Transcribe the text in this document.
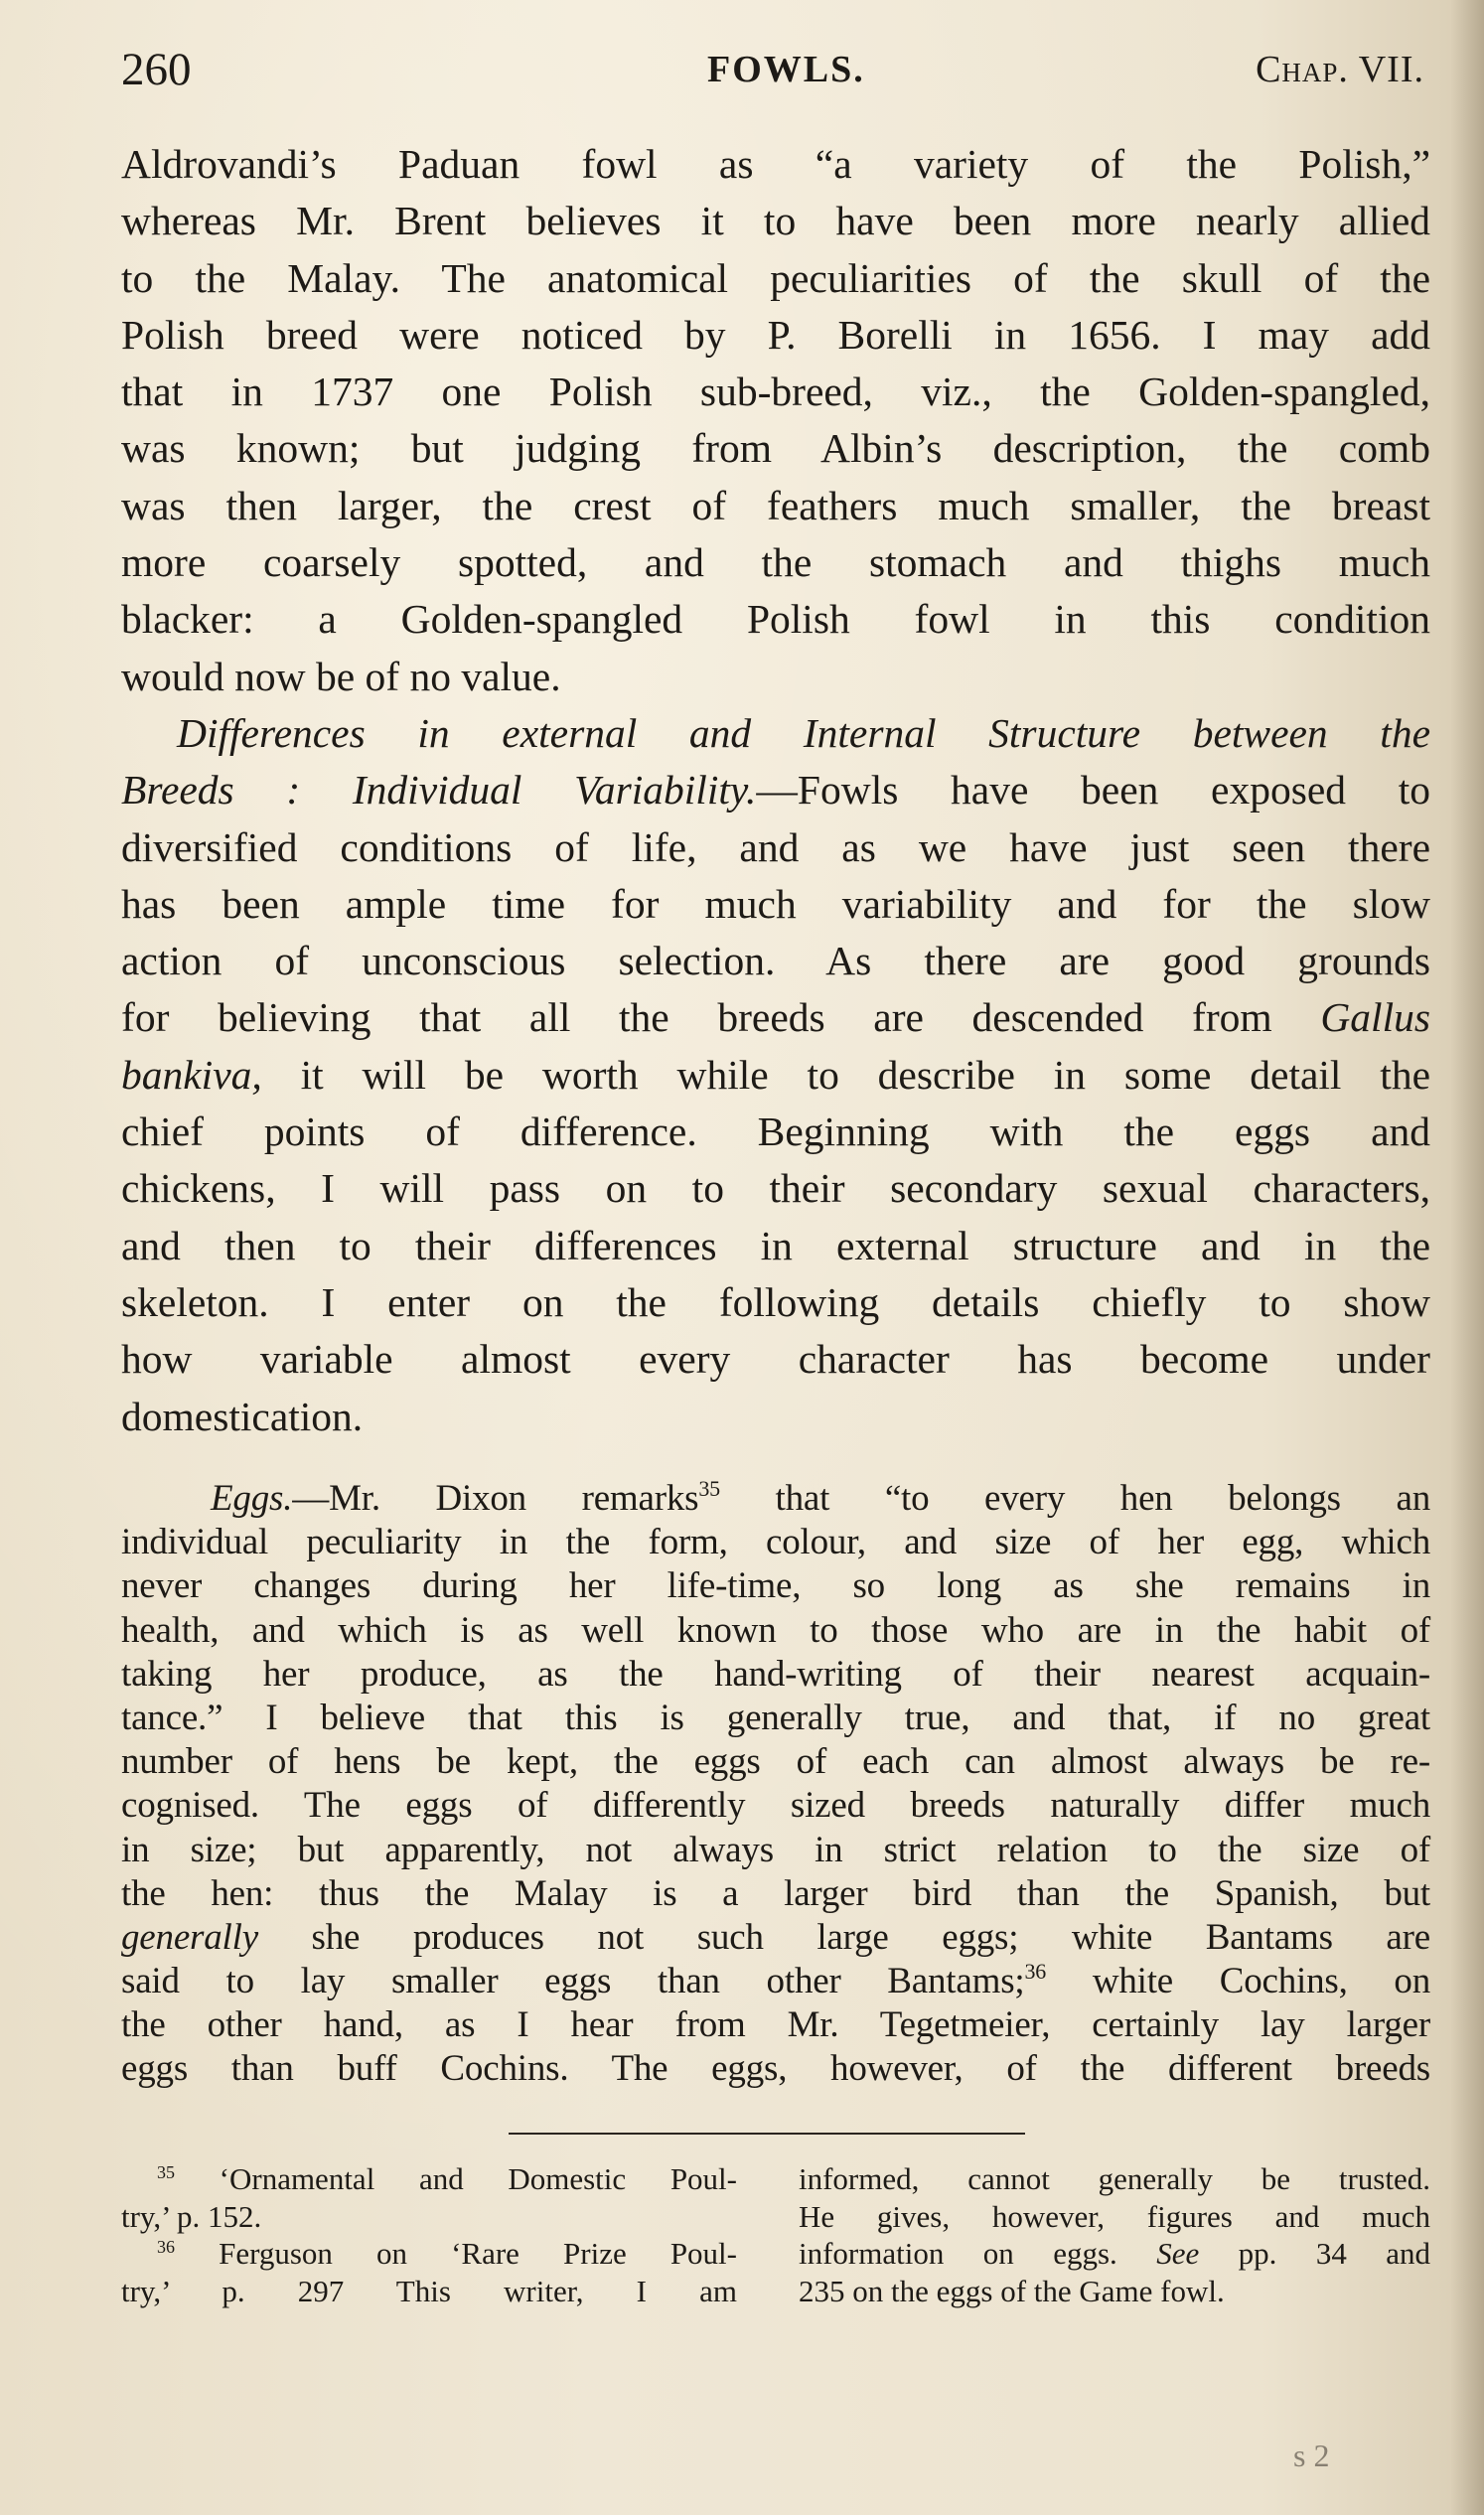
260	FOWLS.	Chap. VII.
Aldrovandi’s Paduan fowl as “a variety of the Polish,”
whereas Mr. Brent believes it to have been more nearly allied
to the Malay. The anatomical peculiarities of the skull of the
Polish breed were noticed by P. Borelli in 1656. I may add
that in 1737 one Polish sub-breed, viz., the Golden-spangled,
was known; but judging from Albin’s description, the comb
was then larger, the crest of feathers much smaller, the breast
more coarsely spotted, and the stomach and thighs much
blacker: a Golden-spangled Polish fowl in this condition
would now be of no value.
Differences in external and Internal Structure between the
Breeds : Individual Variability.—Fowls have been exposed to
diversified conditions of life, and as we have just seen there
has been ample time for much variability and for the slow
action of unconscious selection. As there are good grounds
for believing that all the breeds are descended from Gallus
bankiva, it will be worth while to describe in some detail the
chief points of difference. Beginning with the eggs and
chickens, I will pass on to their secondary sexual characters,
and then to their differences in external structure and in the
skeleton. I enter on the following details chiefly to show
how variable almost every character has become under
domestication.
Eggs.—Mr. Dixon remarks$^{35}$ that “to every hen belongs an
individual peculiarity in the form, colour, and size of her egg, which
never changes during her life-time, so long as she remains in
health, and which is as well known to those who are in the habit of
taking her produce, as the hand-writing of their nearest acquain-
tance.” I believe that this is generally true, and that, if no great
number of hens be kept, the eggs of each can almost always be re-
cognised. The eggs of differently sized breeds naturally differ much
in size; but apparently, not always in strict relation to the size of
the hen: thus the Malay is a larger bird than the Spanish, but
generally she produces not such large eggs; white Bantams are
said to lay smaller eggs than other Bantams;$^{36}$ white Cochins, on
the other hand, as I hear from Mr. Tegetmeier, certainly lay larger
eggs than buff Cochins. The eggs, however, of the different breeds
$^{35}$ ‘Ornamental and Domestic Poul-
try,’ p. 152.
$^{36}$ Ferguson on ‘Rare Prize Poul-
try,’ p. 297 This writer, I am
informed, cannot generally be trusted.
He gives, however, figures and much
information on eggs. See pp. 34 and
235 on the eggs of the Game fowl.
s 2
